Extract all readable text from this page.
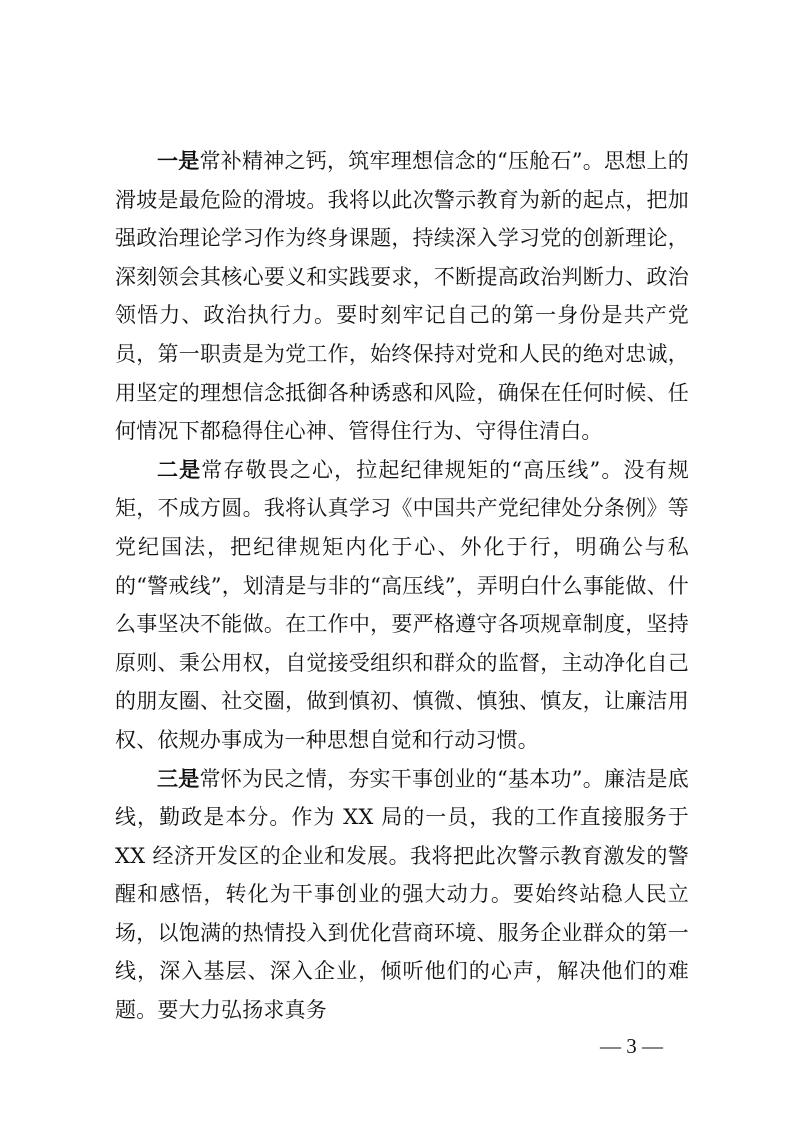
一是常补精神之钙，筑牢理想信念的“压舱石”。思想上的滑坡是最危险的滑坡。我将以此次警示教育为新的起点，把加强政治理论学习作为终身课题，持续深入学习党的创新理论，深刻领会其核心要义和实践要求，不断提高政治判断力、政治领悟力、政治执行力。要时刻牢记自己的第一身份是共产党员，第一职责是为党工作，始终保持对党和人民的绝对忠诚，用坚定的理想信念抵御各种诱惑和风险，确保在任何时候、任何情况下都稳得住心神、管得住行为、守得住清白。

二是常存敬畏之心，拉起纪律规矩的“高压线”。没有规矩，不成方圆。我将认真学习《中国共产党纪律处分条例》等党纪国法，把纪律规矩内化于心、外化于行，明确公与私的“警戒线”，划清是与非的“高压线”，弄明白什么事能做、什么事坚决不能做。在工作中，要严格遵守各项规章制度，坚持原则、秉公用权，自觉接受组织和群众的监督，主动净化自己的朋友圈、社交圈，做到慎初、慎微、慎独、慎友，让廉洁用权、依规办事成为一种思想自觉和行动习惯。

三是常怀为民之情，夯实干事创业的“基本功”。廉洁是底线，勤政是本分。作为 XX 局的一员，我的工作直接服务于 XX 经济开发区的企业和发展。我将把此次警示教育激发的警醒和感悟，转化为干事创业的强大动力。要始终站稳人民立场，以饱满的热情投入到优化营商环境、服务企业群众的第一线，深入基层、深入企业，倾听他们的心声，解决他们的难题。要大力弘扬求真务

— 3 —
